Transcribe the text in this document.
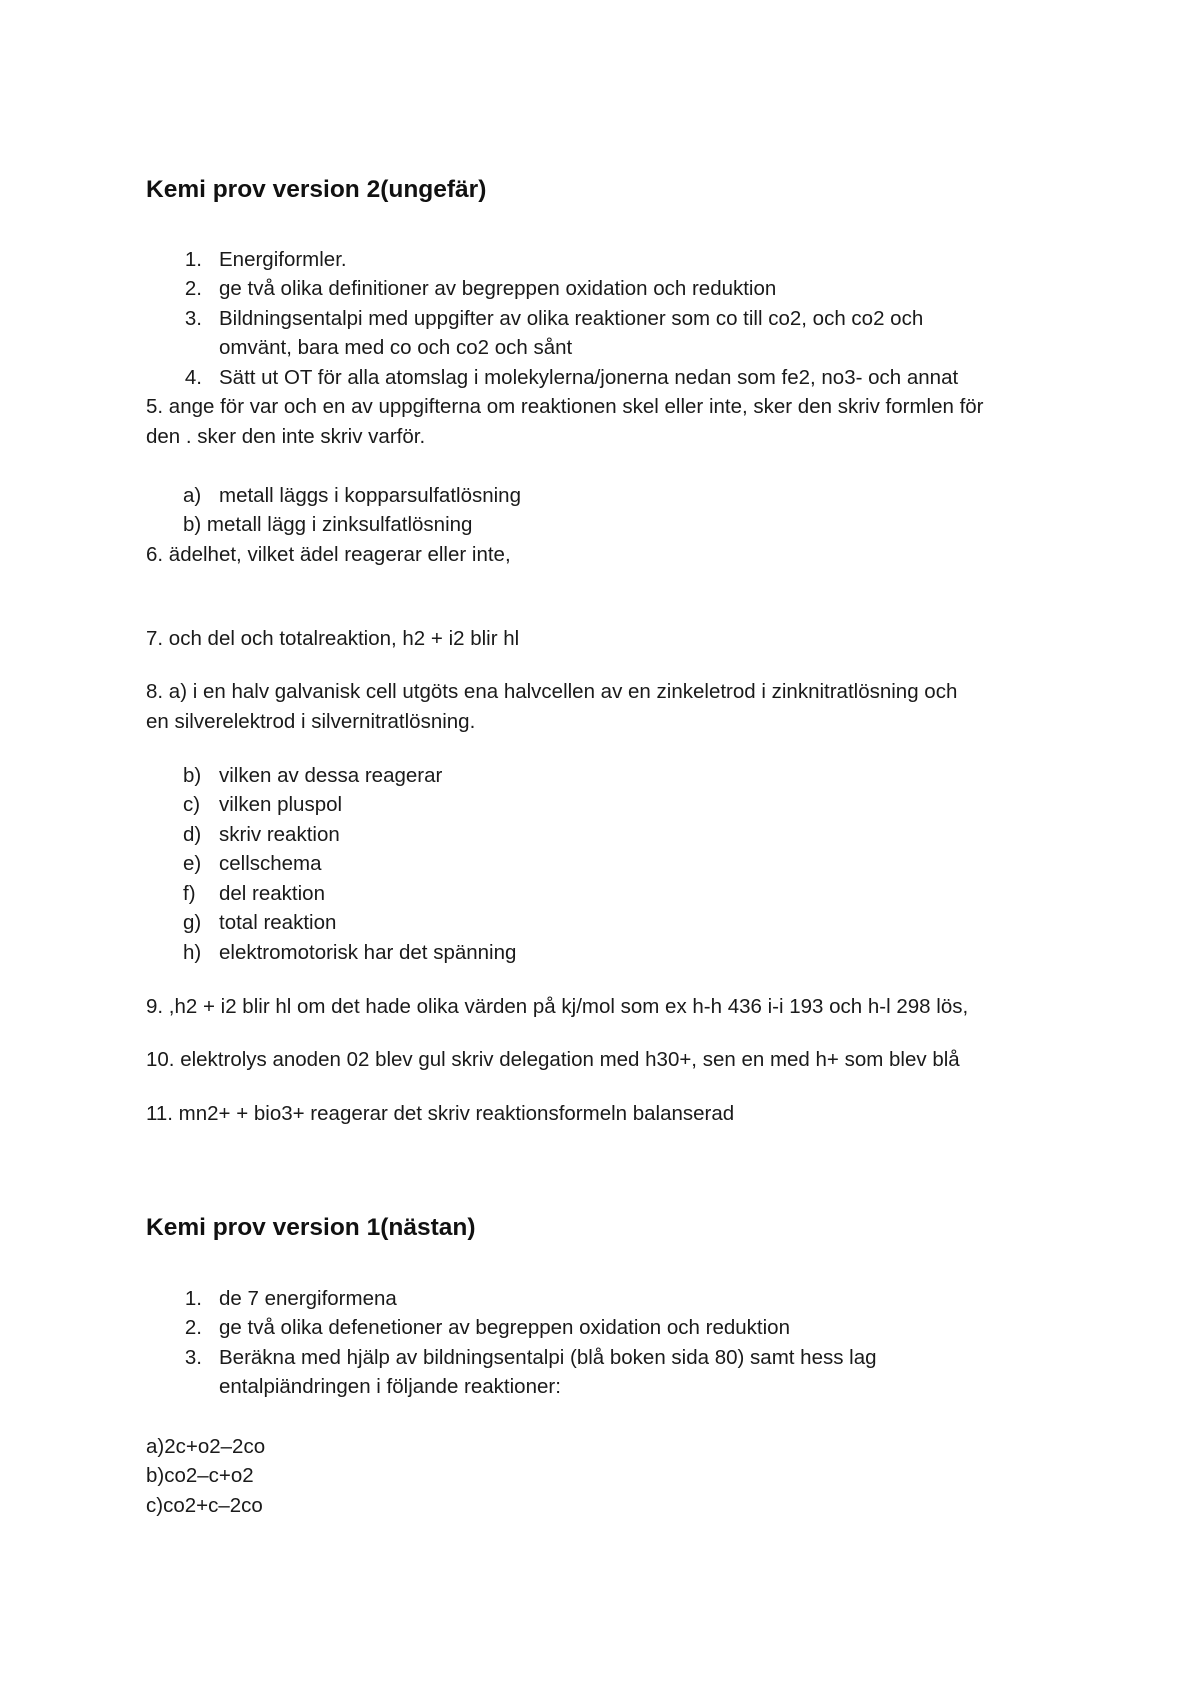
Kemi prov version 2(ungefär)
1. Energiformler.
2. ge två olika definitioner av begreppen oxidation och reduktion
3. Bildningsentalpi med uppgifter av olika reaktioner som co till co2, och co2 och
omvänt, bara med co och co2 och sånt
4. Sätt ut OT för alla atomslag i molekylerna/jonerna nedan som fe2, no3- och annat
5. ange för var och en av uppgifterna om reaktionen skel eller inte, sker den skriv formlen för
den . sker den inte skriv varför.
a) metall läggs i kopparsulfatlösning
b) metall lägg i zinksulfatlösning
6. ädelhet, vilket ädel reagerar eller inte,
7. och del och totalreaktion, h2 + i2 blir hl
8. a) i en halv galvanisk cell utgöts ena halvcellen av en zinkeletrod i zinknitratlösning och
en silverelektrod i silvernitratlösning.
b) vilken av dessa reagerar
c) vilken pluspol
d) skriv reaktion
e) cellschema
f) del reaktion
g) total reaktion
h) elektromotorisk har det spänning
9. ,h2 + i2 blir hl om det hade olika värden på kj/mol som ex h-h 436 i-i 193 och h-l 298 lös,
10. elektrolys anoden 02 blev gul skriv delegation med h30+, sen en med h+ som blev blå
11. mn2+ + bio3+ reagerar det skriv reaktionsformeln balanserad
Kemi prov version 1(nästan)
1. de 7 energiformena
2. ge två olika defenetioner av begreppen oxidation och reduktion
3. Beräkna med hjälp av bildningsentalpi (blå boken sida 80) samt hess lag
entalpiändringen i följande reaktioner:
a)2c+o2–2co
b)co2–c+o2
c)co2+c–2co
